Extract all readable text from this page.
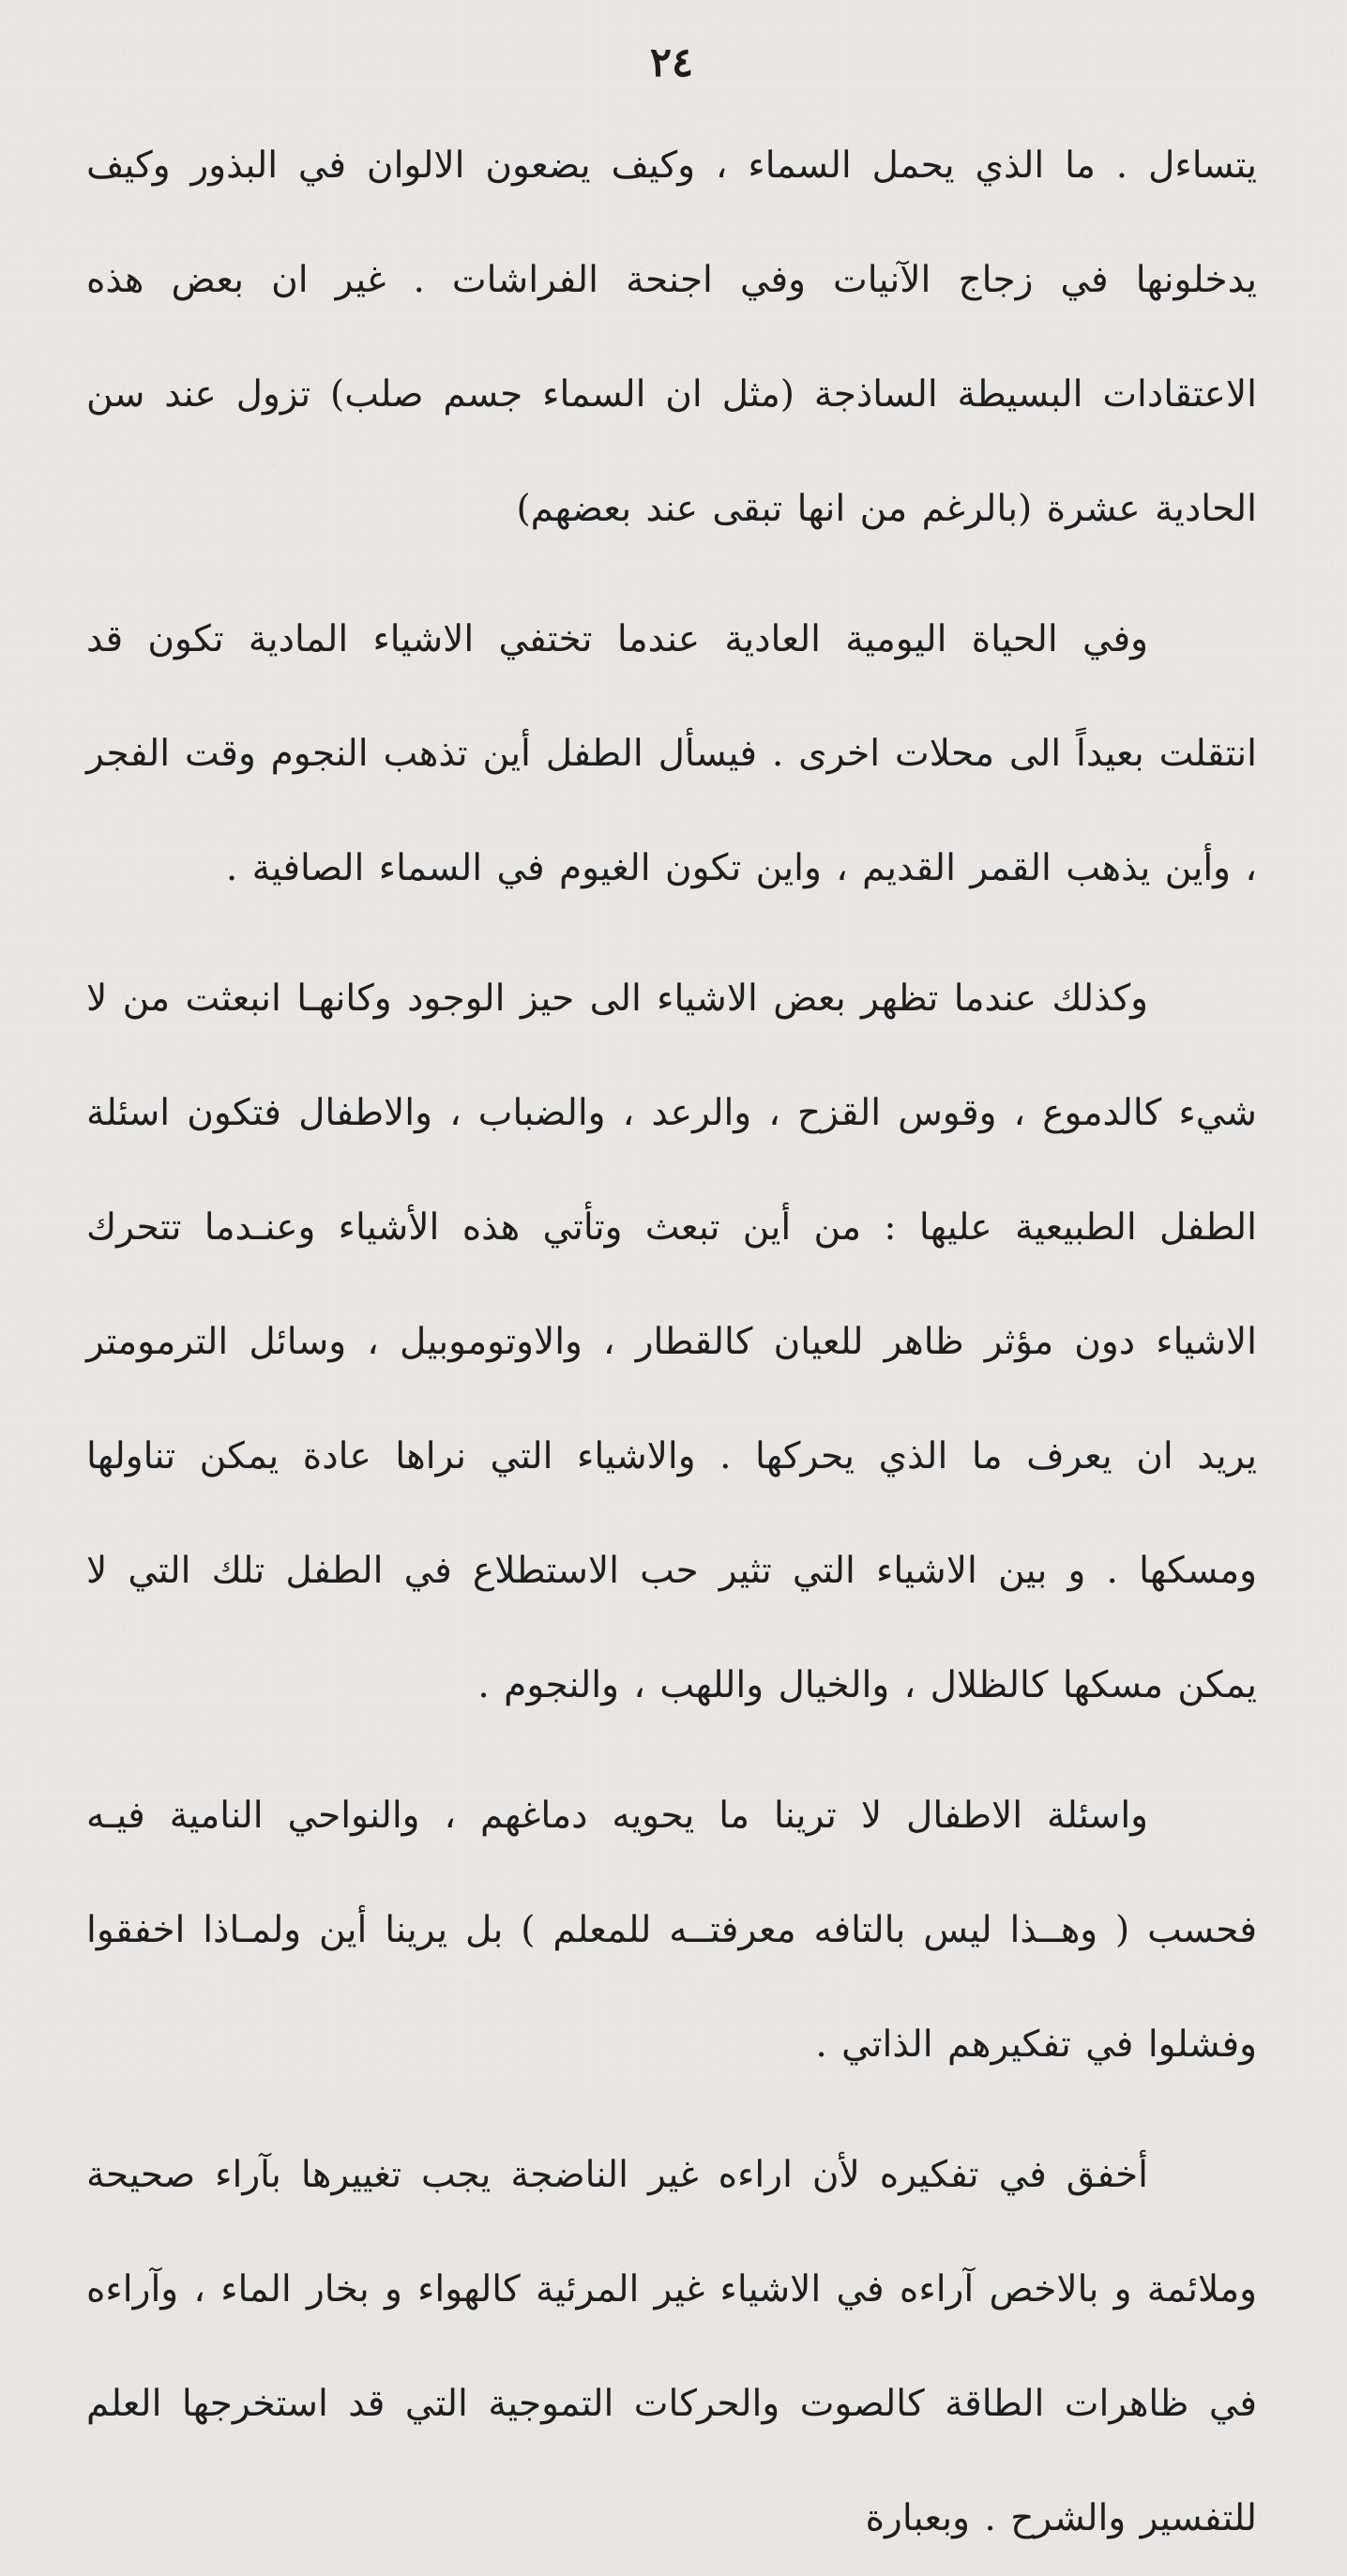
٢٤

يتساءل . ما الذي يحمل السماء ، وكيف يضعون الالوان في البذور وكيف يدخلونها في زجاج الآنيات وفي اجنحة الفراشات . غير ان بعض هذه الاعتقادات البسيطة الساذجة (مثل ان السماء جسم صلب) تزول عند سن الحادية عشرة (بالرغم من انها تبقى عند بعضهم)

وفي الحياة اليومية العادية عندما تختفي الاشياء المادية تكون قد انتقلت بعيداً الى محلات اخرى . فيسأل الطفل أين تذهب النجوم وقت الفجر ، وأين يذهب القمر القديم ، واين تكون الغيوم في السماء الصافية .

وكذلك عندما تظهر بعض الاشياء الى حيز الوجود وكانهـا انبعثت من لا شيء كالدموع ، وقوس القزح ، والرعد ، والضباب ، والاطفال فتكون اسئلة الطفل الطبيعية عليها : من أين تبعث وتأتي هذه الأشياء وعنـدما تتحرك الاشياء دون مؤثر ظاهر للعيان كالقطار ، والاوتوموبيل ، وسائل الترمومتر يريد ان يعرف ما الذي يحركها . والاشياء التي نراها عادة يمكن تناولها ومسكها . و بين الاشياء التي تثير حب الاستطلاع في الطفل تلك التي لا يمكن مسكها كالظلال ، والخيال واللهب ، والنجوم .

واسئلة الاطفال لا ترينا ما يحويه دماغهم ، والنواحي النامية فيـه فحسب ( وهــذا ليس بالتافه معرفتــه للمعلم ) بل يرينا أين ولمـاذا اخفقوا وفشلوا في تفكيرهم الذاتي .

أخفق في تفكيره لأن اراءه غير الناضجة يجب تغييرها بآراء صحيحة وملائمة و بالاخص آراءه في الاشياء غير المرئية كالهواء و بخار الماء ، وآراءه في ظاهرات الطاقة كالصوت والحركات التموجية التي قد استخرجها العلم للتفسير والشرح . وبعبارة
